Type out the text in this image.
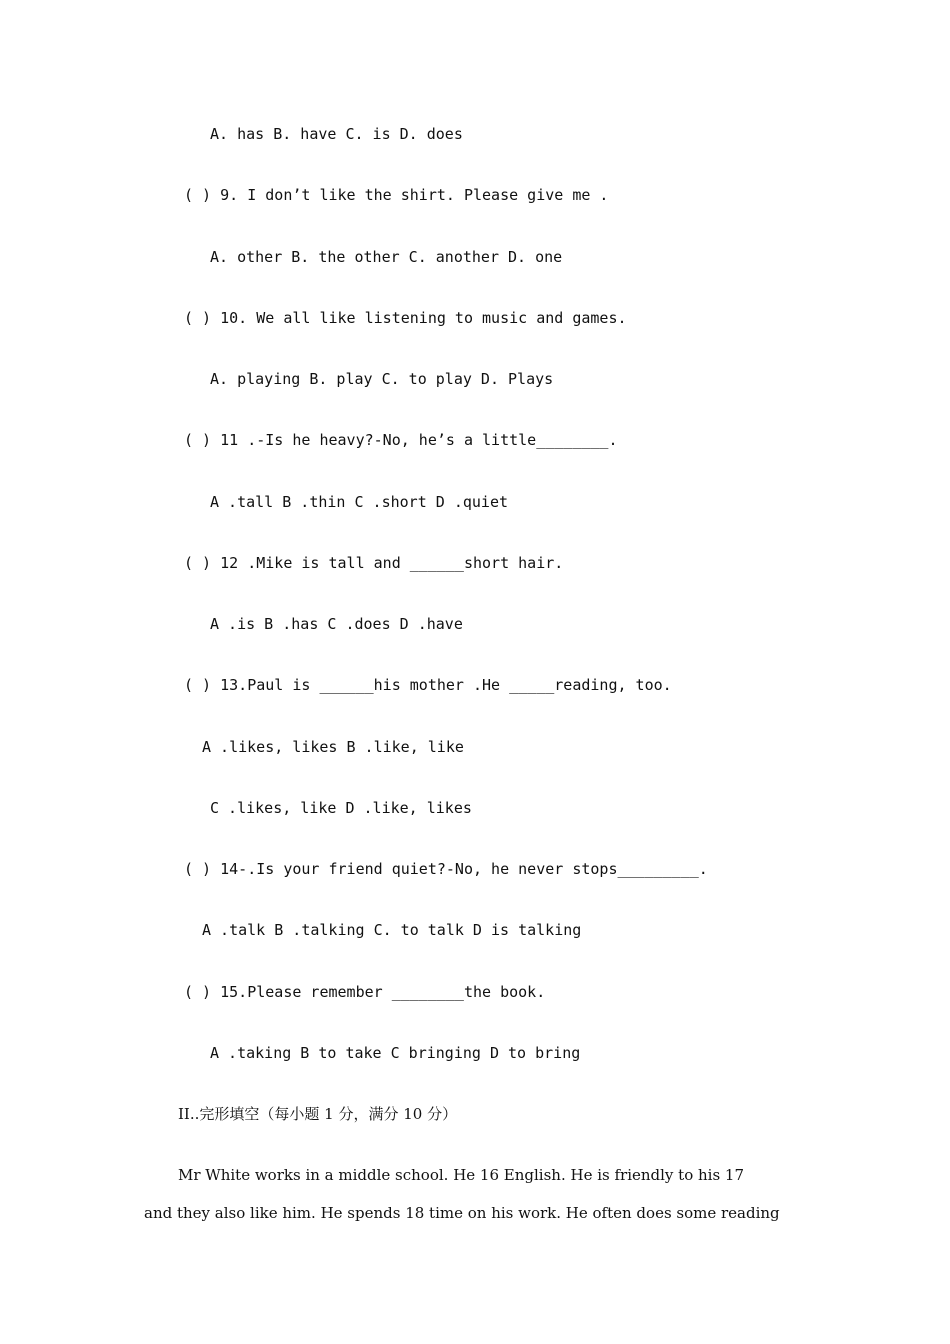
A. has B. have C. is D. does
( ) 9. I don’t like the shirt. Please give me .
A. other B. the other C. another D. one
( ) 10. We all like listening to music and games.
A. playing B. play C. to play D. Plays
( ) 11 .-Is he heavy?-No, he’s a little________.
A .tall B .thin C .short D .quiet
( ) 12 .Mike is tall and ______short hair.
A .is B .has C .does D .have
( ) 13.Paul is ______his mother .He _____reading, too.
A .likes, likes B .like, like
C .likes, like D .like, likes
( ) 14-.Is your friend quiet?-No, he never stops_________.
A .talk B .talking C. to talk D is talking
( ) 15.Please remember ________the book.
A .taking B to take C bringing D to bring
II..完形填空（每小题 1 分，满分 10 分）
Mr White works in a middle school. He 16 English. He is friendly to his 17
and they also like him. He spends 18 time on his work. He often does some reading
